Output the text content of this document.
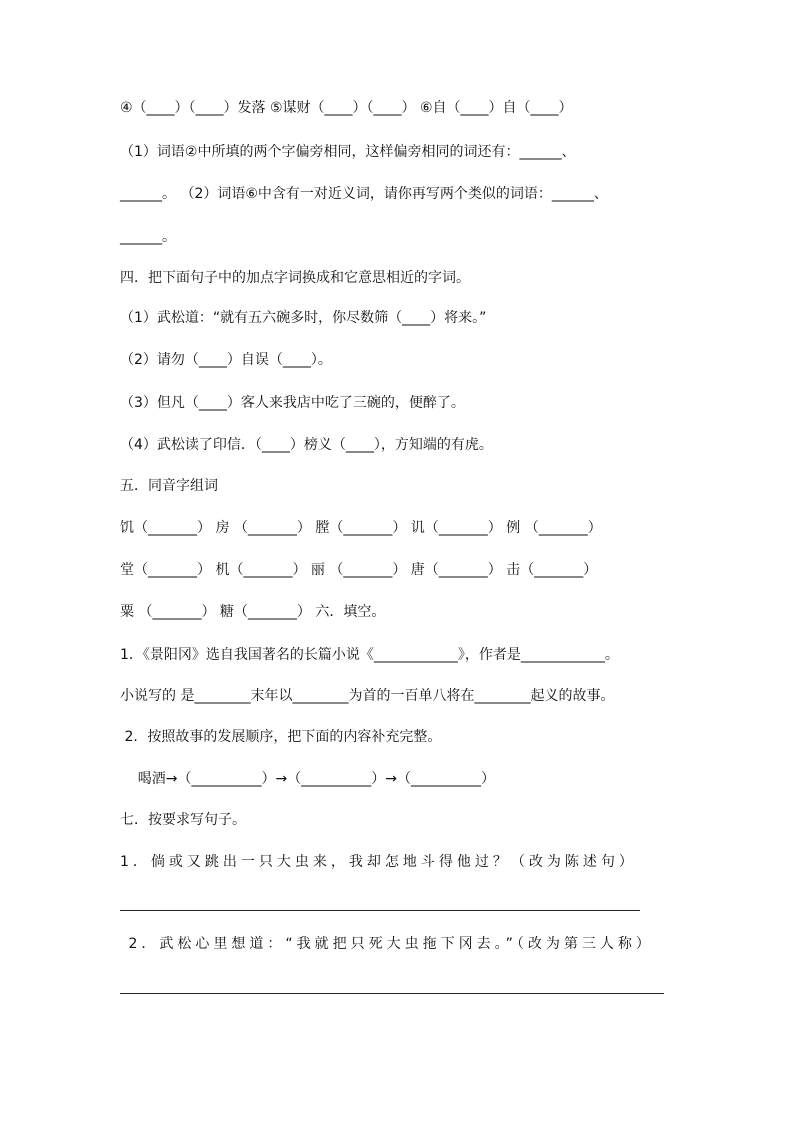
④（____）（____）发落 ⑤谋财（____）（____） ⑥自（____）自（____）
（1）词语②中所填的两个字偏旁相同，这样偏旁相同的词还有：______、
______。 （2）词语⑥中含有一对近义词，请你再写两个类似的词语：______、
______。
四．把下面句子中的加点字词换成和它意思相近的字词。
（1）武松道：“就有五六碗多时，你尽数筛（____）将来。”
（2）请勿（____）自误（____）。
（3）但凡（____）客人来我店中吃了三碗的，便醉了。
（4）武松读了印信．（____）榜义（____），方知端的有虎。
五．同音字组词
饥（_______） 房 （_______） 膛（_______） 讥（_______） 例 （_______）
堂（_______） 机（_______） 丽 （_______） 唐（_______） 击（_______）
粟 （_______） 糖（_______） 六．填空。
1．《景阳冈》选自我国著名的长篇小说《____________》，作者是____________。
小说写的 是________末年以________为首的一百单八将在________起义的故事。
2．按照故事的发展顺序，把下面的内容补充完整。
喝酒→（__________）→（__________）→（__________）
七．按要求写句子。
1．倘或又跳出一只大虫来，我却怎地斗得他过？（改为陈述句）
2．武松心里想道：“我就把只死大虫拖下冈去。”（改为第三人称）
